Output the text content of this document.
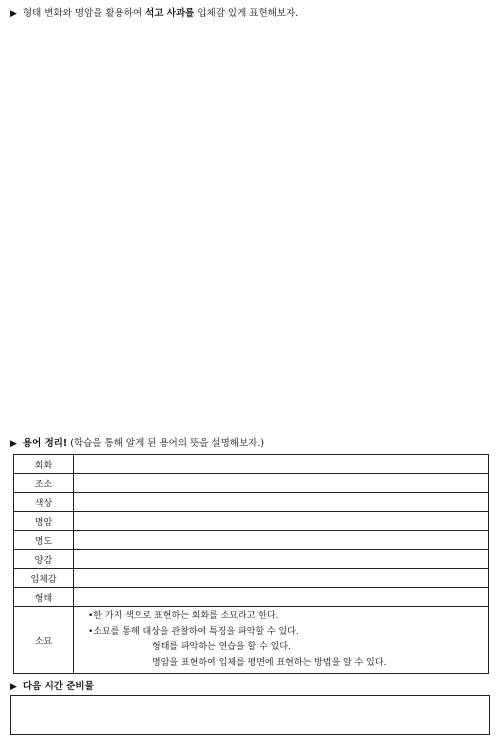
▶ 형태 변화와 명암을 활용하여 석고 사과를 입체감 있게 표현해보자.
▶ 용어 정리! (학습을 통해 알게 된 용어의 뜻을 설명해보자.)
회화	
조소	
색상	
명암	
명도	
양감	
입체감	
형태	
소묘	•한 가지 색으로 표현하는 회화를 소묘라고 한다.
•소묘를 통해 대상을 관찰하여 특징을 파악할 수 있다.
형태를 파악하는 연습을 할 수 있다.
명암을 표현하여 입체를 평면에 표현하는 방법을 알 수 있다.
▶ 다음 시간 준비물
